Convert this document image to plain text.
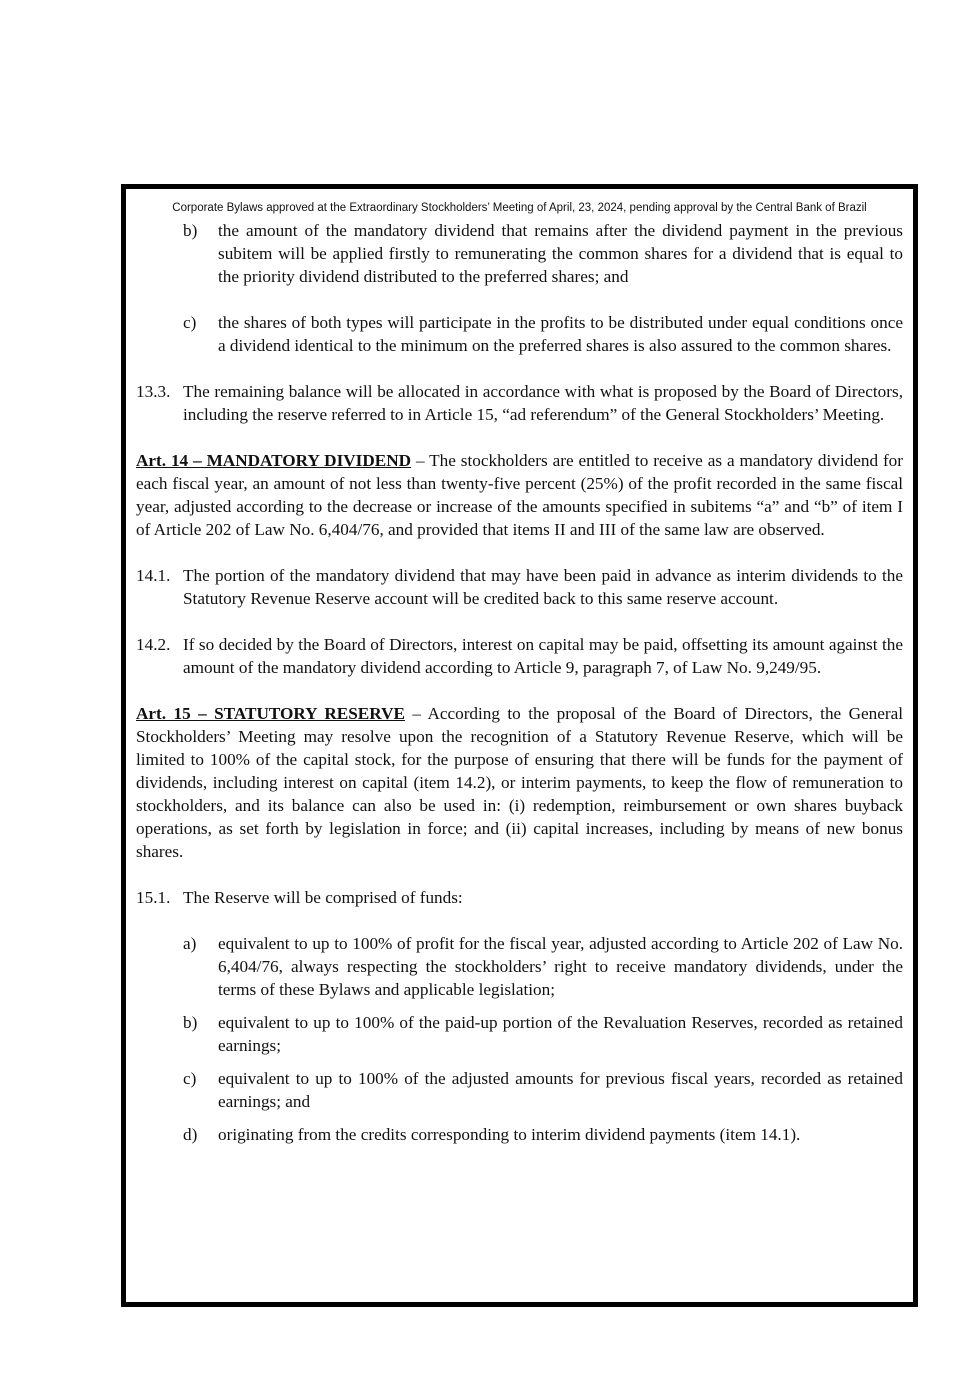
Corporate Bylaws approved at the Extraordinary Stockholders’ Meeting of April, 23, 2024, pending approval by the Central Bank of Brazil

b) the amount of the mandatory dividend that remains after the dividend payment in the previous subitem will be applied firstly to remunerating the common shares for a dividend that is equal to the priority dividend distributed to the preferred shares; and
c) the shares of both types will participate in the profits to be distributed under equal conditions once a dividend identical to the minimum on the preferred shares is also assured to the common shares.
13.3. The remaining balance will be allocated in accordance with what is proposed by the Board of Directors, including the reserve referred to in Article 15, “ad referendum” of the General Stockholders’ Meeting.

Art. 14 – MANDATORY DIVIDEND – The stockholders are entitled to receive as a mandatory dividend for each fiscal year, an amount of not less than twenty-five percent (25%) of the profit recorded in the same fiscal year, adjusted according to the decrease or increase of the amounts specified in subitems “a” and “b” of item I of Article 202 of Law No. 6,404/76, and provided that items II and III of the same law are observed.

14.1. The portion of the mandatory dividend that may have been paid in advance as interim dividends to the Statutory Revenue Reserve account will be credited back to this same reserve account.
14.2. If so decided by the Board of Directors, interest on capital may be paid, offsetting its amount against the amount of the mandatory dividend according to Article 9, paragraph 7, of Law No. 9,249/95.

Art. 15 – STATUTORY RESERVE – According to the proposal of the Board of Directors, the General Stockholders’ Meeting may resolve upon the recognition of a Statutory Revenue Reserve, which will be limited to 100% of the capital stock, for the purpose of ensuring that there will be funds for the payment of dividends, including interest on capital (item 14.2), or interim payments, to keep the flow of remuneration to stockholders, and its balance can also be used in: (i) redemption, reimbursement or own shares buyback operations, as set forth by legislation in force; and (ii) capital increases, including by means of new bonus shares.

15.1. The Reserve will be comprised of funds:
a) equivalent to up to 100% of profit for the fiscal year, adjusted according to Article 202 of Law No. 6,404/76, always respecting the stockholders’ right to receive mandatory dividends, under the terms of these Bylaws and applicable legislation;
b) equivalent to up to 100% of the paid-up portion of the Revaluation Reserves, recorded as retained earnings;
c) equivalent to up to 100% of the adjusted amounts for previous fiscal years, recorded as retained earnings; and
d) originating from the credits corresponding to interim dividend payments (item 14.1).
